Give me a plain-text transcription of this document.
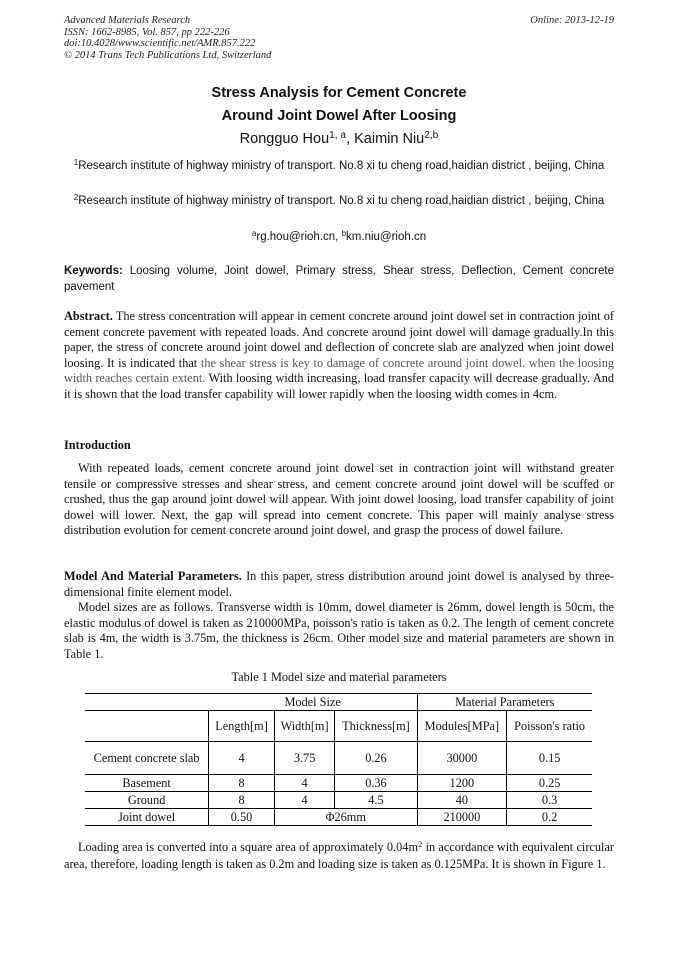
Advanced Materials Research
ISSN: 1662-8985, Vol. 857, pp 222-226
doi:10.4028/www.scientific.net/AMR.857.222
© 2014 Trans Tech Publications Ltd, Switzerland
Online: 2013-12-19
Stress Analysis for Cement Concrete
Around Joint Dowel After Loosing
Rongguo Hou$^{1, a}$, Kaimin Niu$^{2,b}$
$^1$Research institute of highway ministry of transport. No.8 xi tu cheng road,haidian district , beijing, China
$^2$Research institute of highway ministry of transport. No.8 xi tu cheng road,haidian district , beijing, China
$^a$rg.hou@rioh.cn, $^b$km.niu@rioh.cn
Keywords: Loosing volume, Joint dowel, Primary stress, Shear stress, Deflection, Cement concrete pavement
Abstract. The stress concentration will appear in cement concrete around joint dowel set in contraction joint of cement concrete pavement with repeated loads. And concrete around joint dowel will damage gradually.In this paper, the stress of concrete around joint dowel and deflection of concrete slab are analyzed when joint dowel loosing. It is indicated that the shear stress is key to damage of concrete around joint dowel. when the loosing width reaches certain extent. With loosing width increasing, load transfer capacity will decrease gradually. And it is shown that the load transfer capability will lower rapidly when the loosing width comes in 4cm.
Introduction
With repeated loads, cement concrete around joint dowel set in contraction joint will withstand greater tensile or compressive stresses and shear stress, and cement concrete around joint dowel will be scuffed or crushed, thus the gap around joint dowel will appear. With joint dowel loosing, load transfer capability of joint dowel will lower. Next, the gap will spread into cement concrete. This paper will mainly analyse stress distribution evolution for cement concrete around joint dowel, and grasp the process of dowel failure.
Model And Material Parameters. In this paper, stress distribution around joint dowel is analysed by three-dimensional finite element model.
Model sizes are as follows. Transverse width is 10mm, dowel diameter is 26mm, dowel length is 50cm, the elastic modulus of dowel is taken as 210000MPa, poisson's ratio is taken as 0.2. The length of cement concrete slab is 4m, the width is 3.75m, the thickness is 26cm. Other model size and material parameters are shown in Table 1.
Table 1 Model size and material parameters
	Model Size			Material Parameters	
	Length[m]	Width[m]	Thickness[m]	Modules[MPa]	Poisson's ratio
Cement concrete slab	4	3.75	0.26	30000	0.15
Basement	8	4	0.36	1200	0.25
Ground	8	4	4.5	40	0.3
Joint dowel	0.50	Φ26mm		210000	0.2
Loading area is converted into a square area of approximately $0.04m^2$ in accordance with equivalent circular area, therefore, loading length is taken as 0.2m and loading size is taken as 0.125MPa. It is shown in Figure 1.
